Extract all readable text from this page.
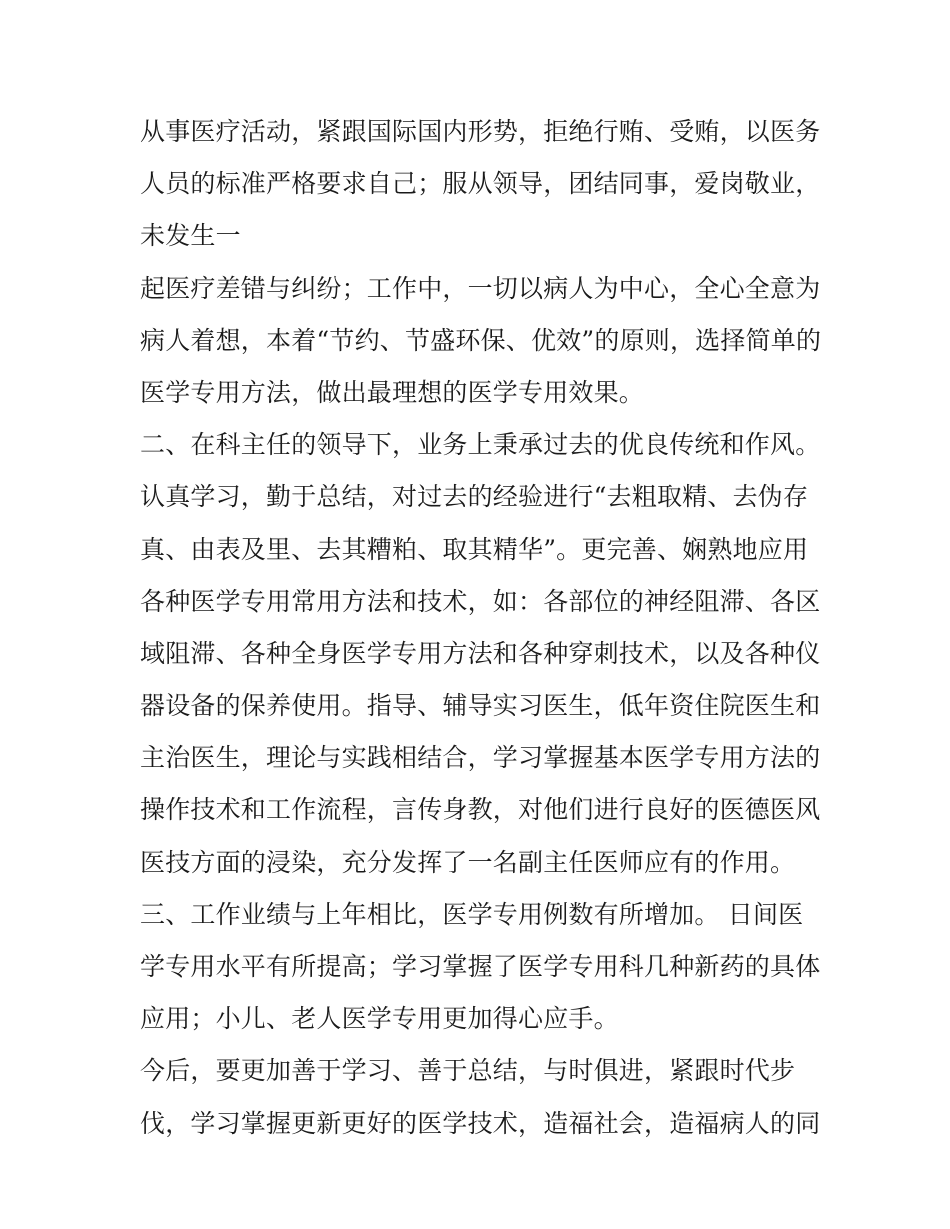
从事医疗活动，紧跟国际国内形势，拒绝行贿、受贿，以医务
人员的标准严格要求自己；服从领导，团结同事，爱岗敬业，
未发生一
起医疗差错与纠纷；工作中，一切以病人为中心，全心全意为
病人着想，本着“节约、节盛环保、优效”的原则，选择简单的
医学专用方法，做出最理想的医学专用效果。
二、在科主任的领导下，业务上秉承过去的优良传统和作风。
认真学习，勤于总结，对过去的经验进行“去粗取精、去伪存
真、由表及里、去其糟粕、取其精华”。更完善、娴熟地应用
各种医学专用常用方法和技术，如：各部位的神经阻滞、各区
域阻滞、各种全身医学专用方法和各种穿刺技术，以及各种仪
器设备的保养使用。指导、辅导实习医生，低年资住院医生和
主治医生，理论与实践相结合，学习掌握基本医学专用方法的
操作技术和工作流程，言传身教，对他们进行良好的医德医风
医技方面的浸染，充分发挥了一名副主任医师应有的作用。
三、工作业绩与上年相比，医学专用例数有所增加。 日间医
学专用水平有所提高；学习掌握了医学专用科几种新药的具体
应用；小儿、老人医学专用更加得心应手。
今后，要更加善于学习、善于总结，与时俱进，紧跟时代步
伐，学习掌握更新更好的医学技术，造福社会，造福病人的同
